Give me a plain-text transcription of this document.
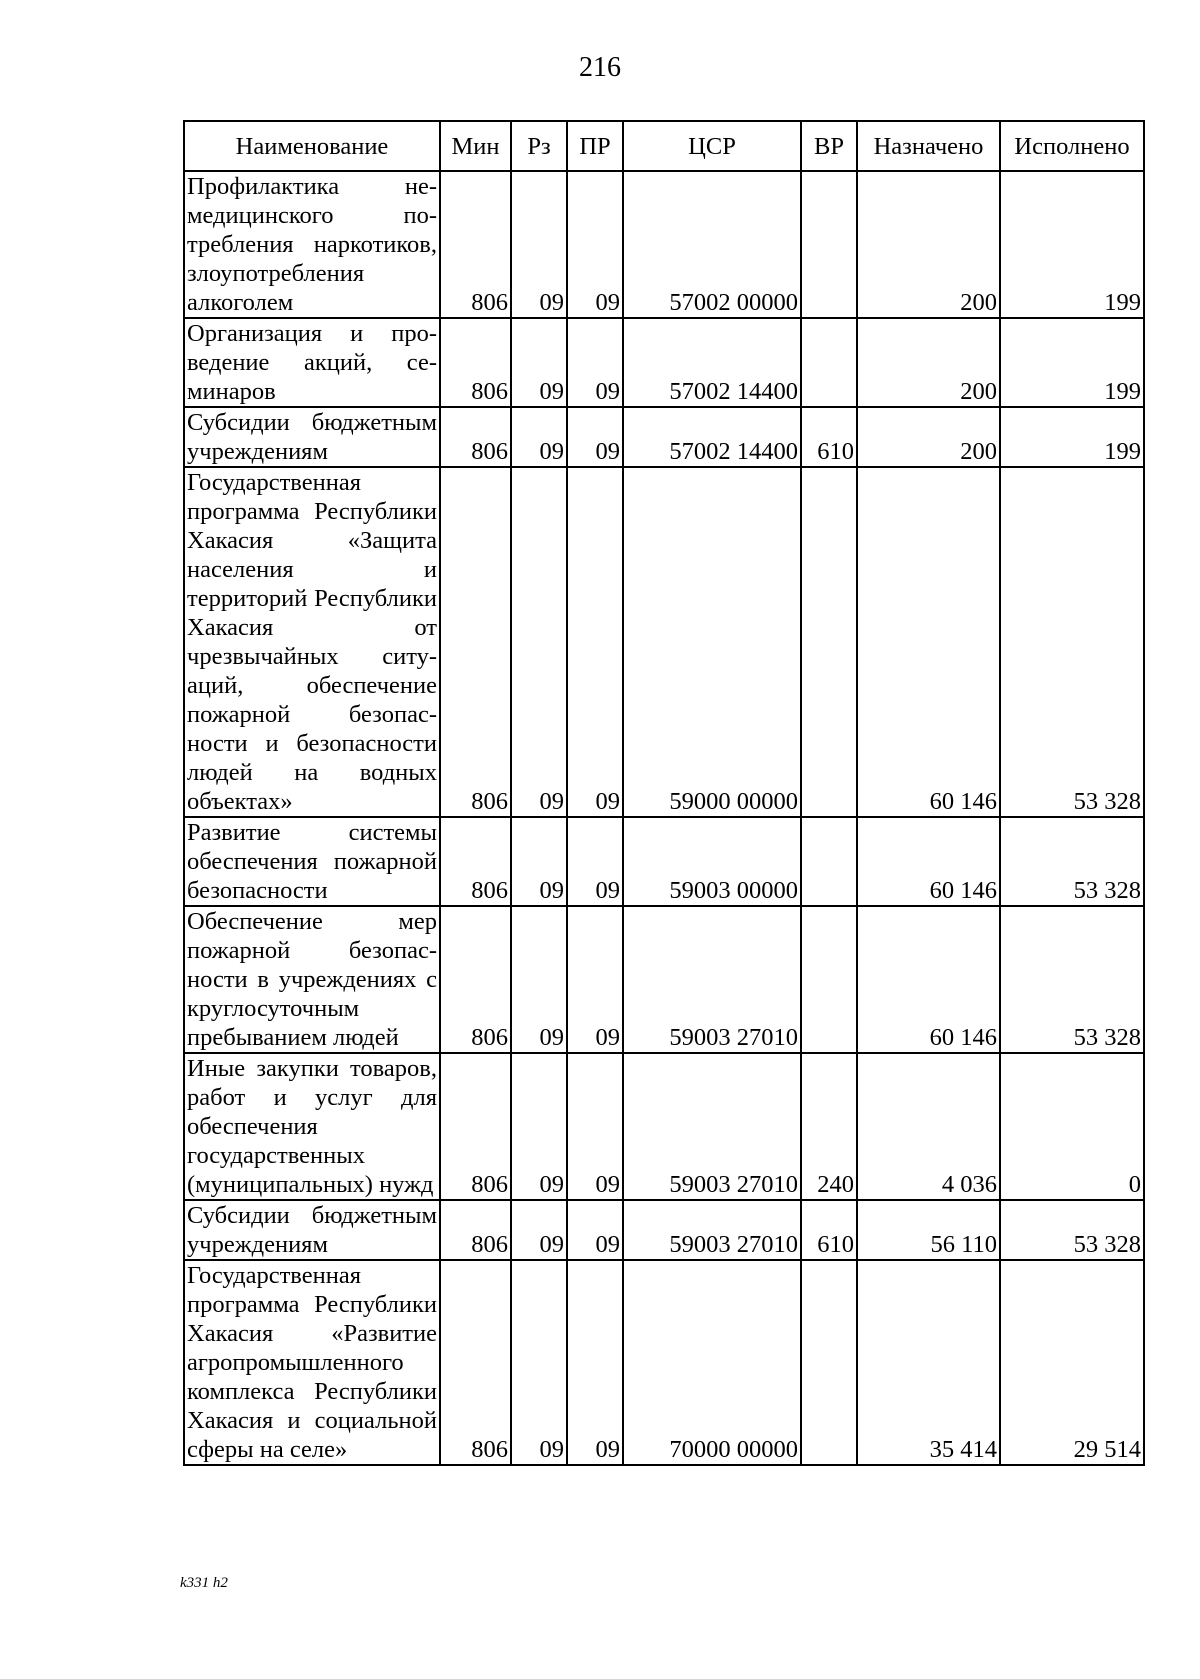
216
Наименование	Мин	Рз	ПР	ЦСР	ВР	Назначено	Исполнено
Профилактика немедицинского потребления наркотиков, злоупотребления алкоголем	806	09	09	57002 00000		200	199
Организация и проведение акций, семинаров	806	09	09	57002 14400		200	199
Субсидии бюджетным учреждениям	806	09	09	57002 14400	610	200	199
Государственная программа Республики Хакасия «Защита населения и территорий Республики Хакасия от чрезвычайных ситуаций, обеспечение пожарной безопасности и безопасности людей на водных объектах»	806	09	09	59000 00000		60 146	53 328
Развитие системы обеспечения пожарной безопасности	806	09	09	59003 00000		60 146	53 328
Обеспечение мер пожарной безопасности в учреждениях с круглосуточным пребыванием людей	806	09	09	59003 27010		60 146	53 328
Иные закупки товаров, работ и услуг для обеспечения государственных (муниципальных) нужд	806	09	09	59003 27010	240	4 036	0
Субсидии бюджетным учреждениям	806	09	09	59003 27010	610	56 110	53 328
Государственная программа Республики Хакасия «Развитие агропромышленного комплекса Республики Хакасия и социальной сферы на селе»	806	09	09	70000 00000		35 414	29 514
k331 h2
